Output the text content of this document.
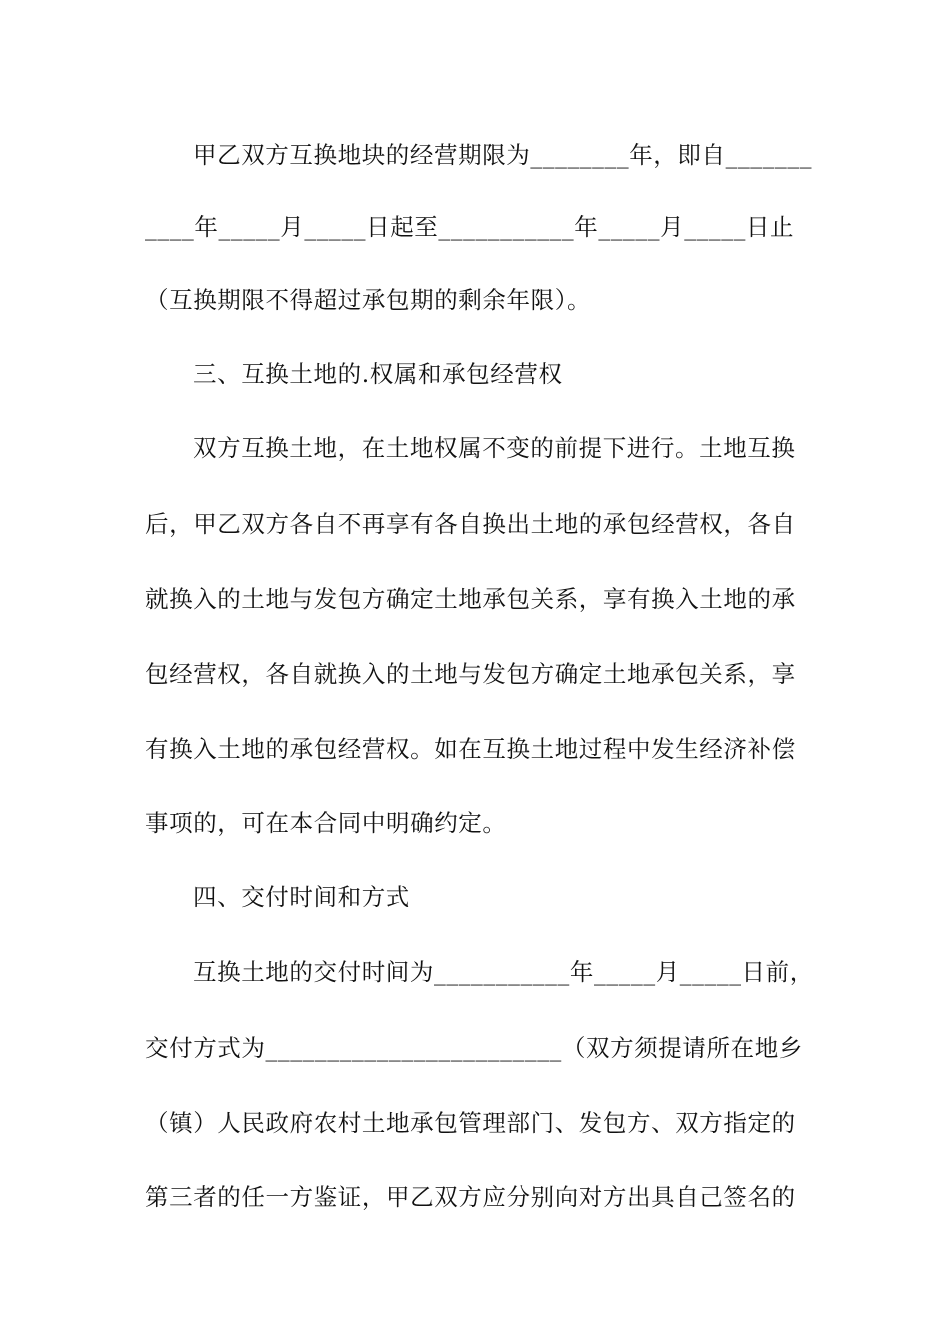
甲乙双方互换地块的经营期限为________年，即自_______
____年_____月_____日起至___________年_____月_____日止
（互换期限不得超过承包期的剩余年限）。
三、互换土地的.权属和承包经营权
双方互换土地，在土地权属不变的前提下进行。土地互换
后，甲乙双方各自不再享有各自换出土地的承包经营权，各自
就换入的土地与发包方确定土地承包关系，享有换入土地的承
包经营权，各自就换入的土地与发包方确定土地承包关系，享
有换入土地的承包经营权。如在互换土地过程中发生经济补偿
事项的，可在本合同中明确约定。
四、交付时间和方式
互换土地的交付时间为___________年_____月_____日前，
交付方式为________________________（双方须提请所在地乡
（镇）人民政府农村土地承包管理部门、发包方、双方指定的
第三者的任一方鉴证，甲乙双方应分别向对方出具自己签名的
